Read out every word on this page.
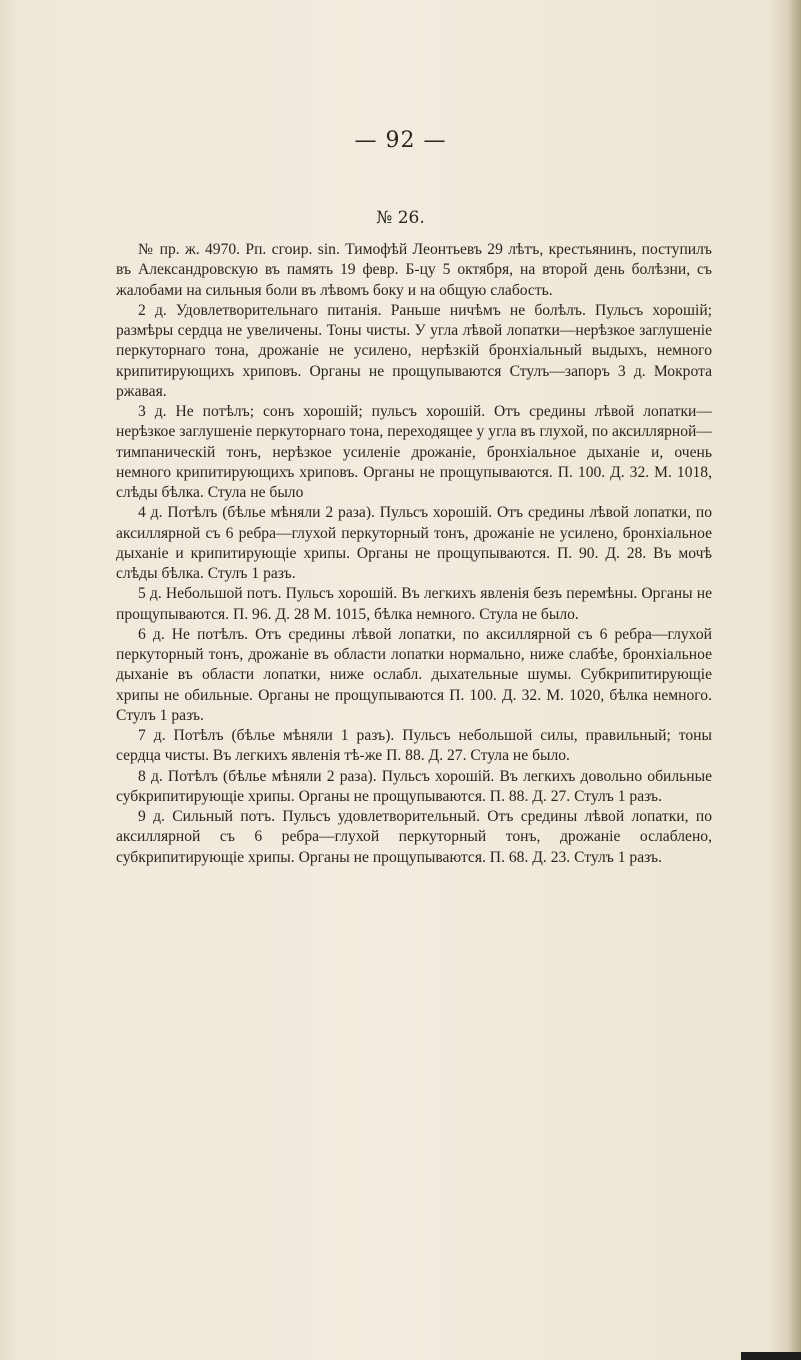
— 92 —
№ 26.

№ пр. ж. 4970. Рп. сгоир. sin. Тимофѣй Леонтьевъ 29 лѣтъ, крестьянинъ, поступилъ въ Александровскую въ память 19 февр. Б-цу 5 октября, на второй день болѣзни, съ жалобами на сильныя боли въ лѣвомъ боку и на общую слабость.

2 д. Удовлетворительнаго питанія. Раньше ничѣмъ не болѣлъ. Пульсъ хорошій; размѣры сердца не увеличены. Тоны чисты. У угла лѣвой лопатки—нерѣзкое заглушеніе перкуторнаго тона, дрожаніе не усилено, нерѣзкій бронхіальный выдыхъ, немного крипитирующихъ хриповъ. Органы не прощупываются Стулъ—запоръ 3 д. Мокрота ржавая.

3 д. Не потѣлъ; сонъ хорошій; пульсъ хорошій. Отъ средины лѣвой лопатки—нерѣзкое заглушеніе перкуторнаго тона, переходящее у угла въ глухой, по аксиллярной—тимпаническій тонъ, нерѣзкое усиленіе дрожаніе, бронхіальное дыханіе и, очень немного крипитирующихъ хриповъ. Органы не прощупываются. П. 100. Д. 32. М. 1018, слѣды бѣлка. Стула не было

4 д. Потѣлъ (бѣлье мѣняли 2 раза). Пульсъ хорошій. Отъ средины лѣвой лопатки, по аксиллярной съ 6 ребра—глухой перкуторный тонъ, дрожаніе не усилено, бронхіальное дыханіе и крипитирующіе хрипы. Органы не прощупываются. П. 90. Д. 28. Въ мочѣ слѣды бѣлка. Стулъ 1 разъ.

5 д. Небольшой потъ. Пульсъ хорошій. Въ легкихъ явленія безъ перемѣны. Органы не прощупываются. П. 96. Д. 28 М. 1015, бѣлка немного. Стула не было.

6 д. Не потѣлъ. Отъ средины лѣвой лопатки, по аксиллярной съ 6 ребра—глухой перкуторный тонъ, дрожаніе въ области лопатки нормально, ниже слабѣе, бронхіальное дыханіе въ области лопатки, ниже ослабл. дыхательные шумы. Субкрипитирующіе хрипы не обильные. Органы не прощупываются П. 100. Д. 32. М. 1020, бѣлка немного. Стулъ 1 разъ.

7 д. Потѣлъ (бѣлье мѣняли 1 разъ). Пульсъ небольшой силы, правильный; тоны сердца чисты. Въ легкихъ явленія тѣ-же П. 88. Д. 27. Стула не было.

8 д. Потѣлъ (бѣлье мѣняли 2 раза). Пульсъ хорошій. Въ легкихъ довольно обильные субкрипитирующіе хрипы. Органы не прощупываются. П. 88. Д. 27. Стулъ 1 разъ.

9 д. Сильный потъ. Пульсъ удовлетворительный. Отъ средины лѣвой лопатки, по аксиллярной съ 6 ребра—глухой перкуторный тонъ, дрожаніе ослаблено, субкрипитирующіе хрипы. Органы не прощупываются. П. 68. Д. 23. Стулъ 1 разъ.
